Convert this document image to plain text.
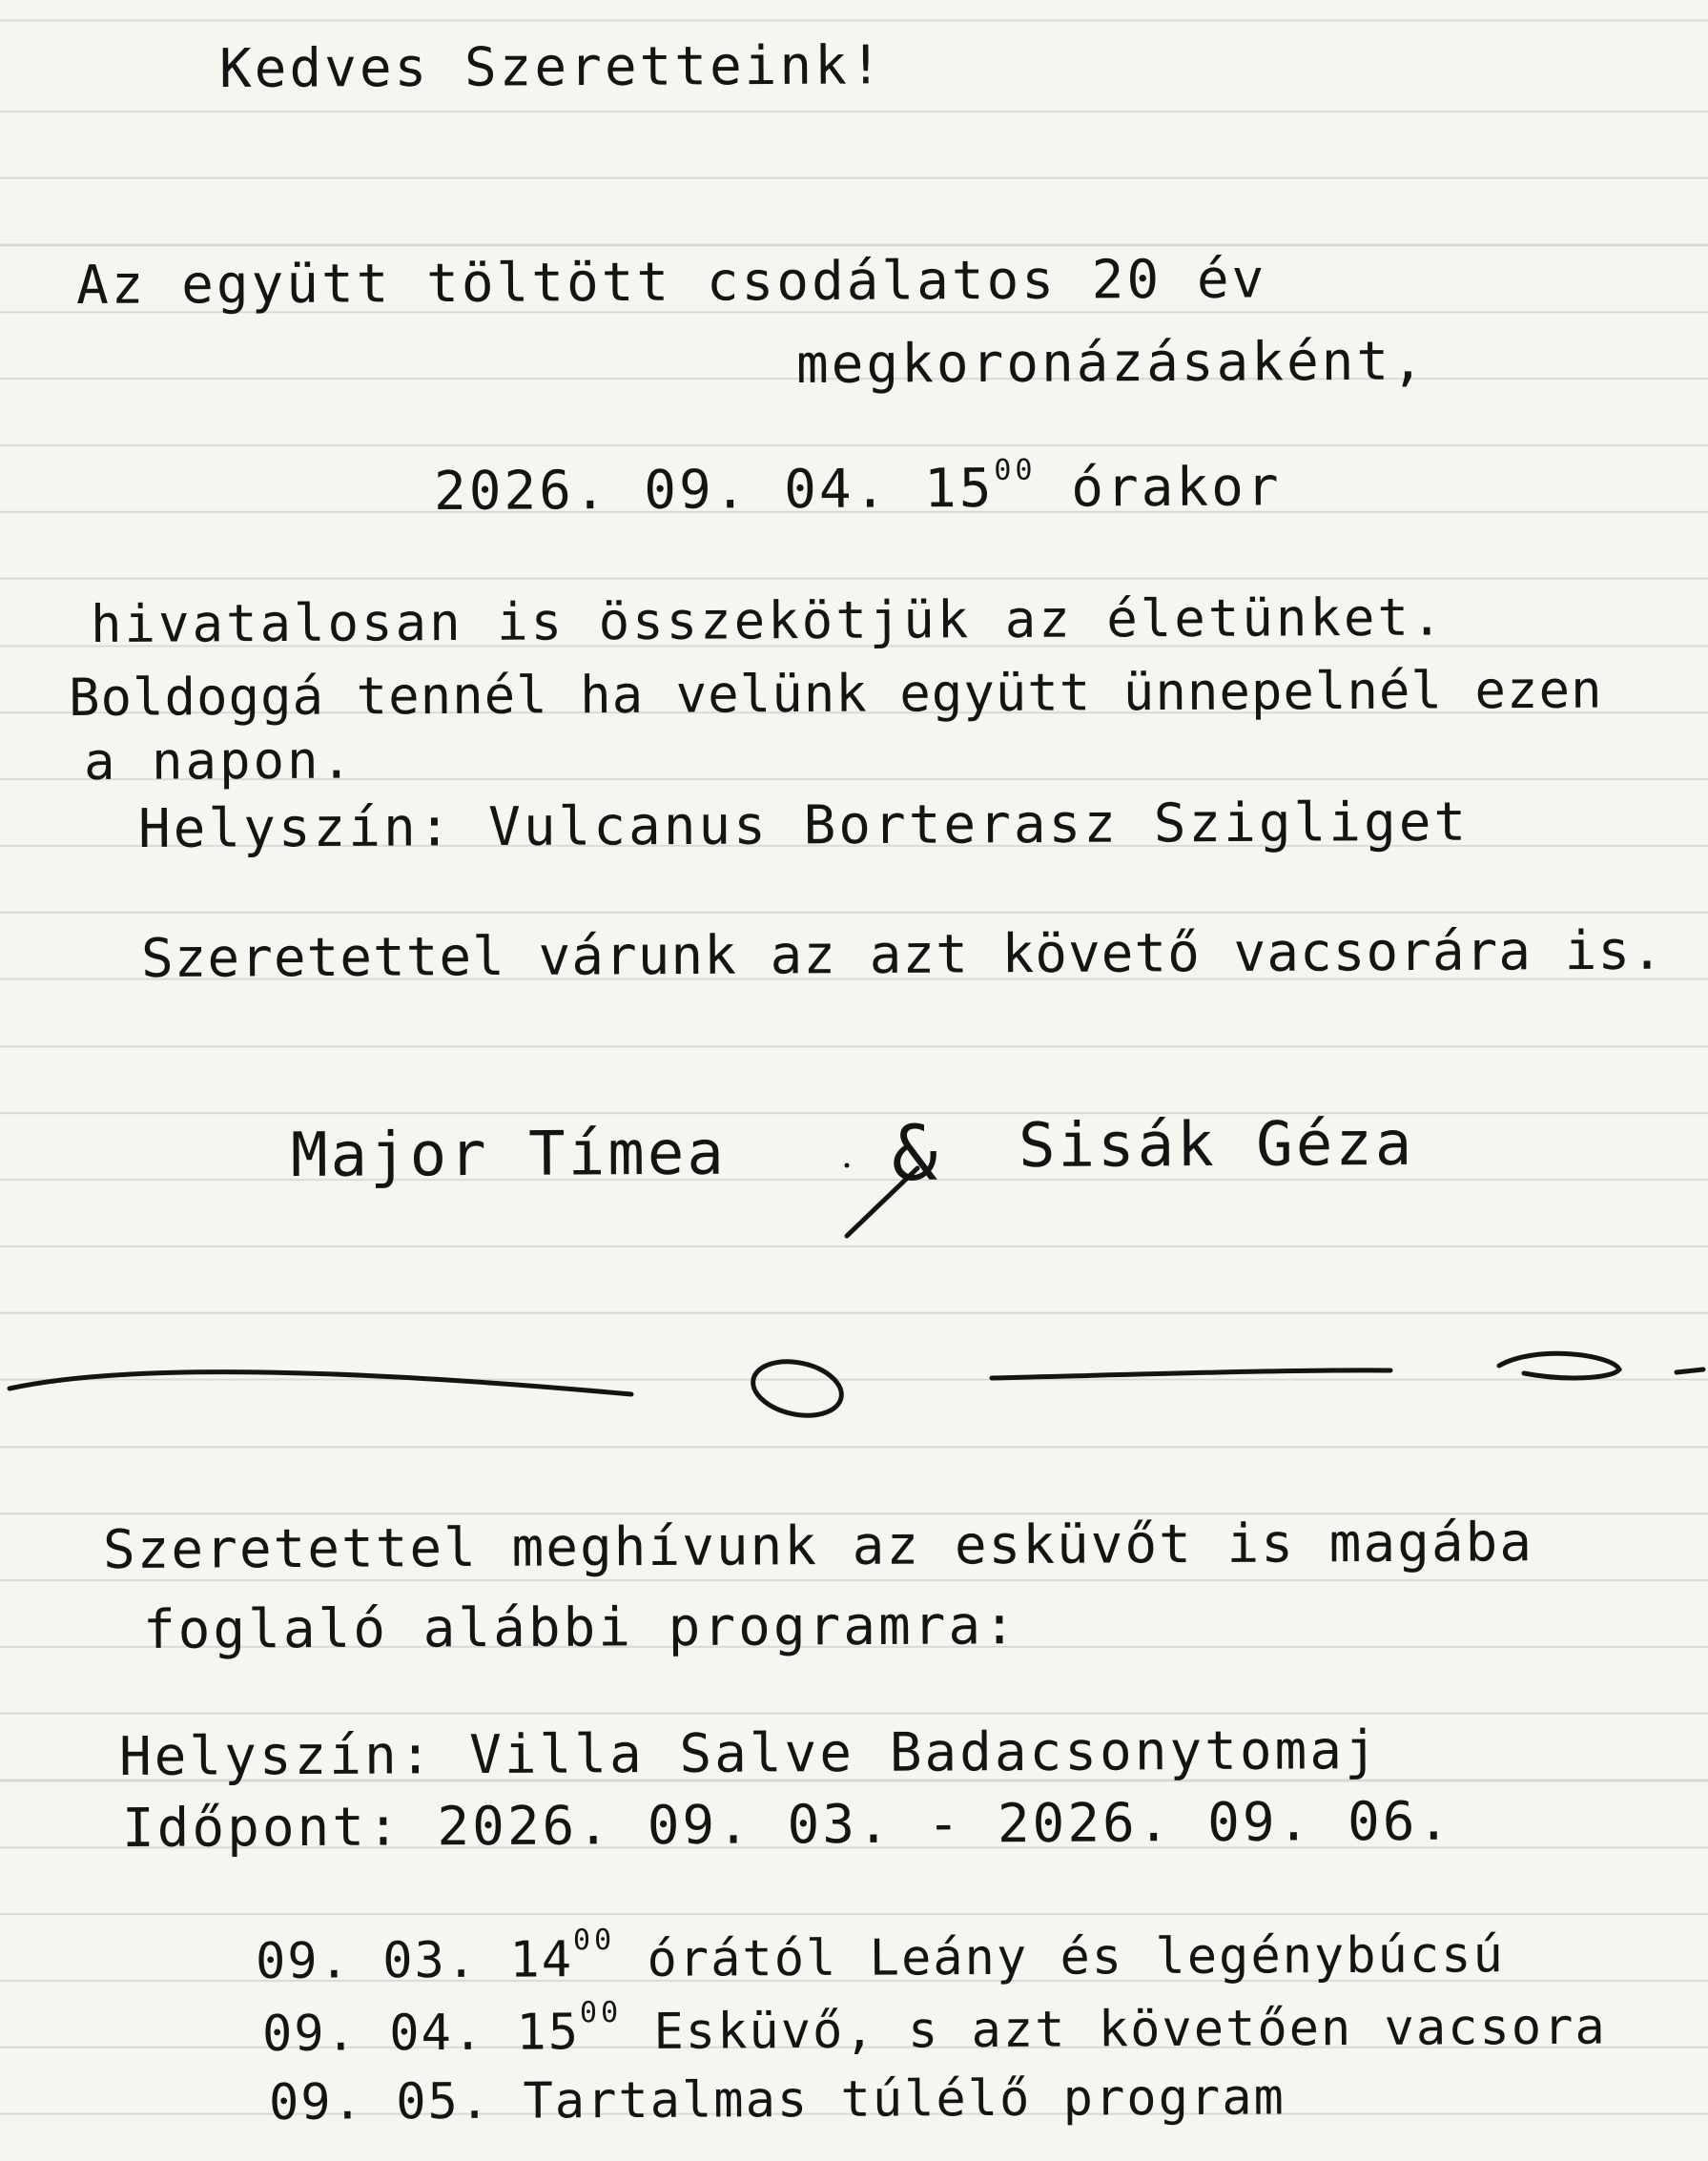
Kedves Szeretteink!
Az együtt töltött csodálatos 20 év
megkoronázásaként,
2026. 09. 04. $15^{00}$ órakor
hivatalosan is összekötjük az életünket.
Boldoggá tennél ha velünk együtt ünnepelnél ezen
a napon.
Helyszín: Vulcanus Borterasz Szigliget
Szeretettel várunk az azt követő vacsorára is.
Major Tímea & Sisák Géza
Szeretettel meghívunk az esküvőt is magába
foglaló alábbi programra:
Helyszín: Villa Salve Badacsonytomaj
Időpont: 2026. 09. 03. - 2026. 09. 06.
09. 03. $14^{00}$ órától Leány és legénybúcsú
09. 04. $15^{00}$ Esküvő, s azt követően vacsora
09. 05. Tartalmas túlélő program
